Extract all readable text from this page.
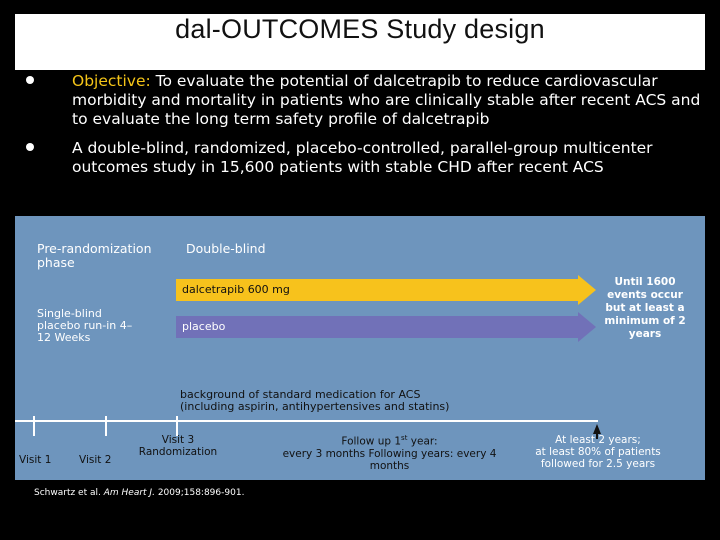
dal-OUTCOMES Study design
Objective: To evaluate the potential of dalcetrapib to reduce cardiovascular morbidity and mortality in patients who are clinically stable after recent ACS and to evaluate the long term safety profile of dalcetrapib
A double-blind, randomized, placebo-controlled, parallel-group multicenter outcomes study in 15,600 patients with stable CHD after recent ACS
Pre-randomization phase
Double-blind
Single-blind placebo run-in 4–12 Weeks
dalcetrapib 600 mg
placebo
Until 1600 events occur but at least a minimum of 2 years
background of standard medication for ACS (including aspirin, antihypertensives and statins)
Visit 1	Visit 2
Visit 3 Randomization
Follow up 1st year:
every 3 months Following years: every 4 months
At least 2 years;
at least 80% of patients followed for 2.5 years
Schwartz et al. Am Heart J. 2009;158:896-901.
